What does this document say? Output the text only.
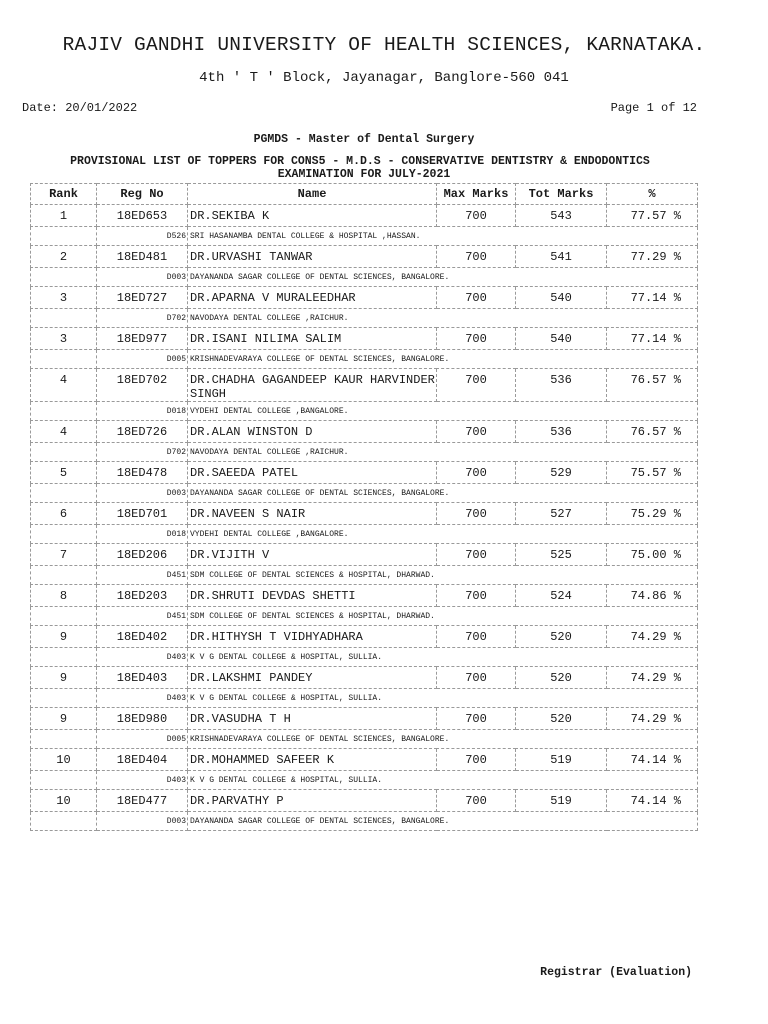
RAJIV GANDHI UNIVERSITY OF HEALTH SCIENCES, KARNATAKA.
4th ' T ' Block, Jayanagar, Banglore-560 041
Date: 20/01/2022	Page 1 of 12
PGMDS - Master of Dental Surgery
PROVISIONAL LIST OF TOPPERS FOR CONS5 - M.D.S - CONSERVATIVE DENTISTRY & ENDODONTICS
EXAMINATION FOR JULY-2021
Rank	Reg No	Name	Max Marks	Tot Marks	%
1	18ED653	DR.SEKIBA K	700	543	77.57 %
	D526	SRI HASANAMBA DENTAL COLLEGE & HOSPITAL ,HASSAN.			
2	18ED481	DR.URVASHI TANWAR	700	541	77.29 %
	D003	DAYANANDA SAGAR COLLEGE OF DENTAL SCIENCES, BANGALORE.			
3	18ED727	DR.APARNA V MURALEEDHAR	700	540	77.14 %
	D702	NAVODAYA DENTAL COLLEGE ,RAICHUR.			
3	18ED977	DR.ISANI NILIMA SALIM	700	540	77.14 %
	D005	KRISHNADEVARAYA COLLEGE OF DENTAL SCIENCES, BANGALORE.			
4	18ED702	DR.CHADHA GAGANDEEP KAUR HARVINDER SINGH	700	536	76.57 %
	D018	VYDEHI DENTAL COLLEGE ,BANGALORE.			
4	18ED726	DR.ALAN WINSTON D	700	536	76.57 %
	D702	NAVODAYA DENTAL COLLEGE ,RAICHUR.			
5	18ED478	DR.SAEEDA PATEL	700	529	75.57 %
	D003	DAYANANDA SAGAR COLLEGE OF DENTAL SCIENCES, BANGALORE.			
6	18ED701	DR.NAVEEN S NAIR	700	527	75.29 %
	D018	VYDEHI DENTAL COLLEGE ,BANGALORE.			
7	18ED206	DR.VIJITH V	700	525	75.00 %
	D451	SDM COLLEGE OF DENTAL SCIENCES & HOSPITAL, DHARWAD.			
8	18ED203	DR.SHRUTI DEVDAS SHETTI	700	524	74.86 %
	D451	SDM COLLEGE OF DENTAL SCIENCES & HOSPITAL, DHARWAD.			
9	18ED402	DR.HITHYSH T VIDHYADHARA	700	520	74.29 %
	D403	K V G DENTAL COLLEGE & HOSPITAL, SULLIA.			
9	18ED403	DR.LAKSHMI PANDEY	700	520	74.29 %
	D403	K V G DENTAL COLLEGE & HOSPITAL, SULLIA.			
9	18ED980	DR.VASUDHA T H	700	520	74.29 %
	D005	KRISHNADEVARAYA COLLEGE OF DENTAL SCIENCES, BANGALORE.			
10	18ED404	DR.MOHAMMED SAFEER K	700	519	74.14 %
	D403	K V G DENTAL COLLEGE & HOSPITAL, SULLIA.			
10	18ED477	DR.PARVATHY P	700	519	74.14 %
	D003	DAYANANDA SAGAR COLLEGE OF DENTAL SCIENCES, BANGALORE.			
Registrar (Evaluation)
